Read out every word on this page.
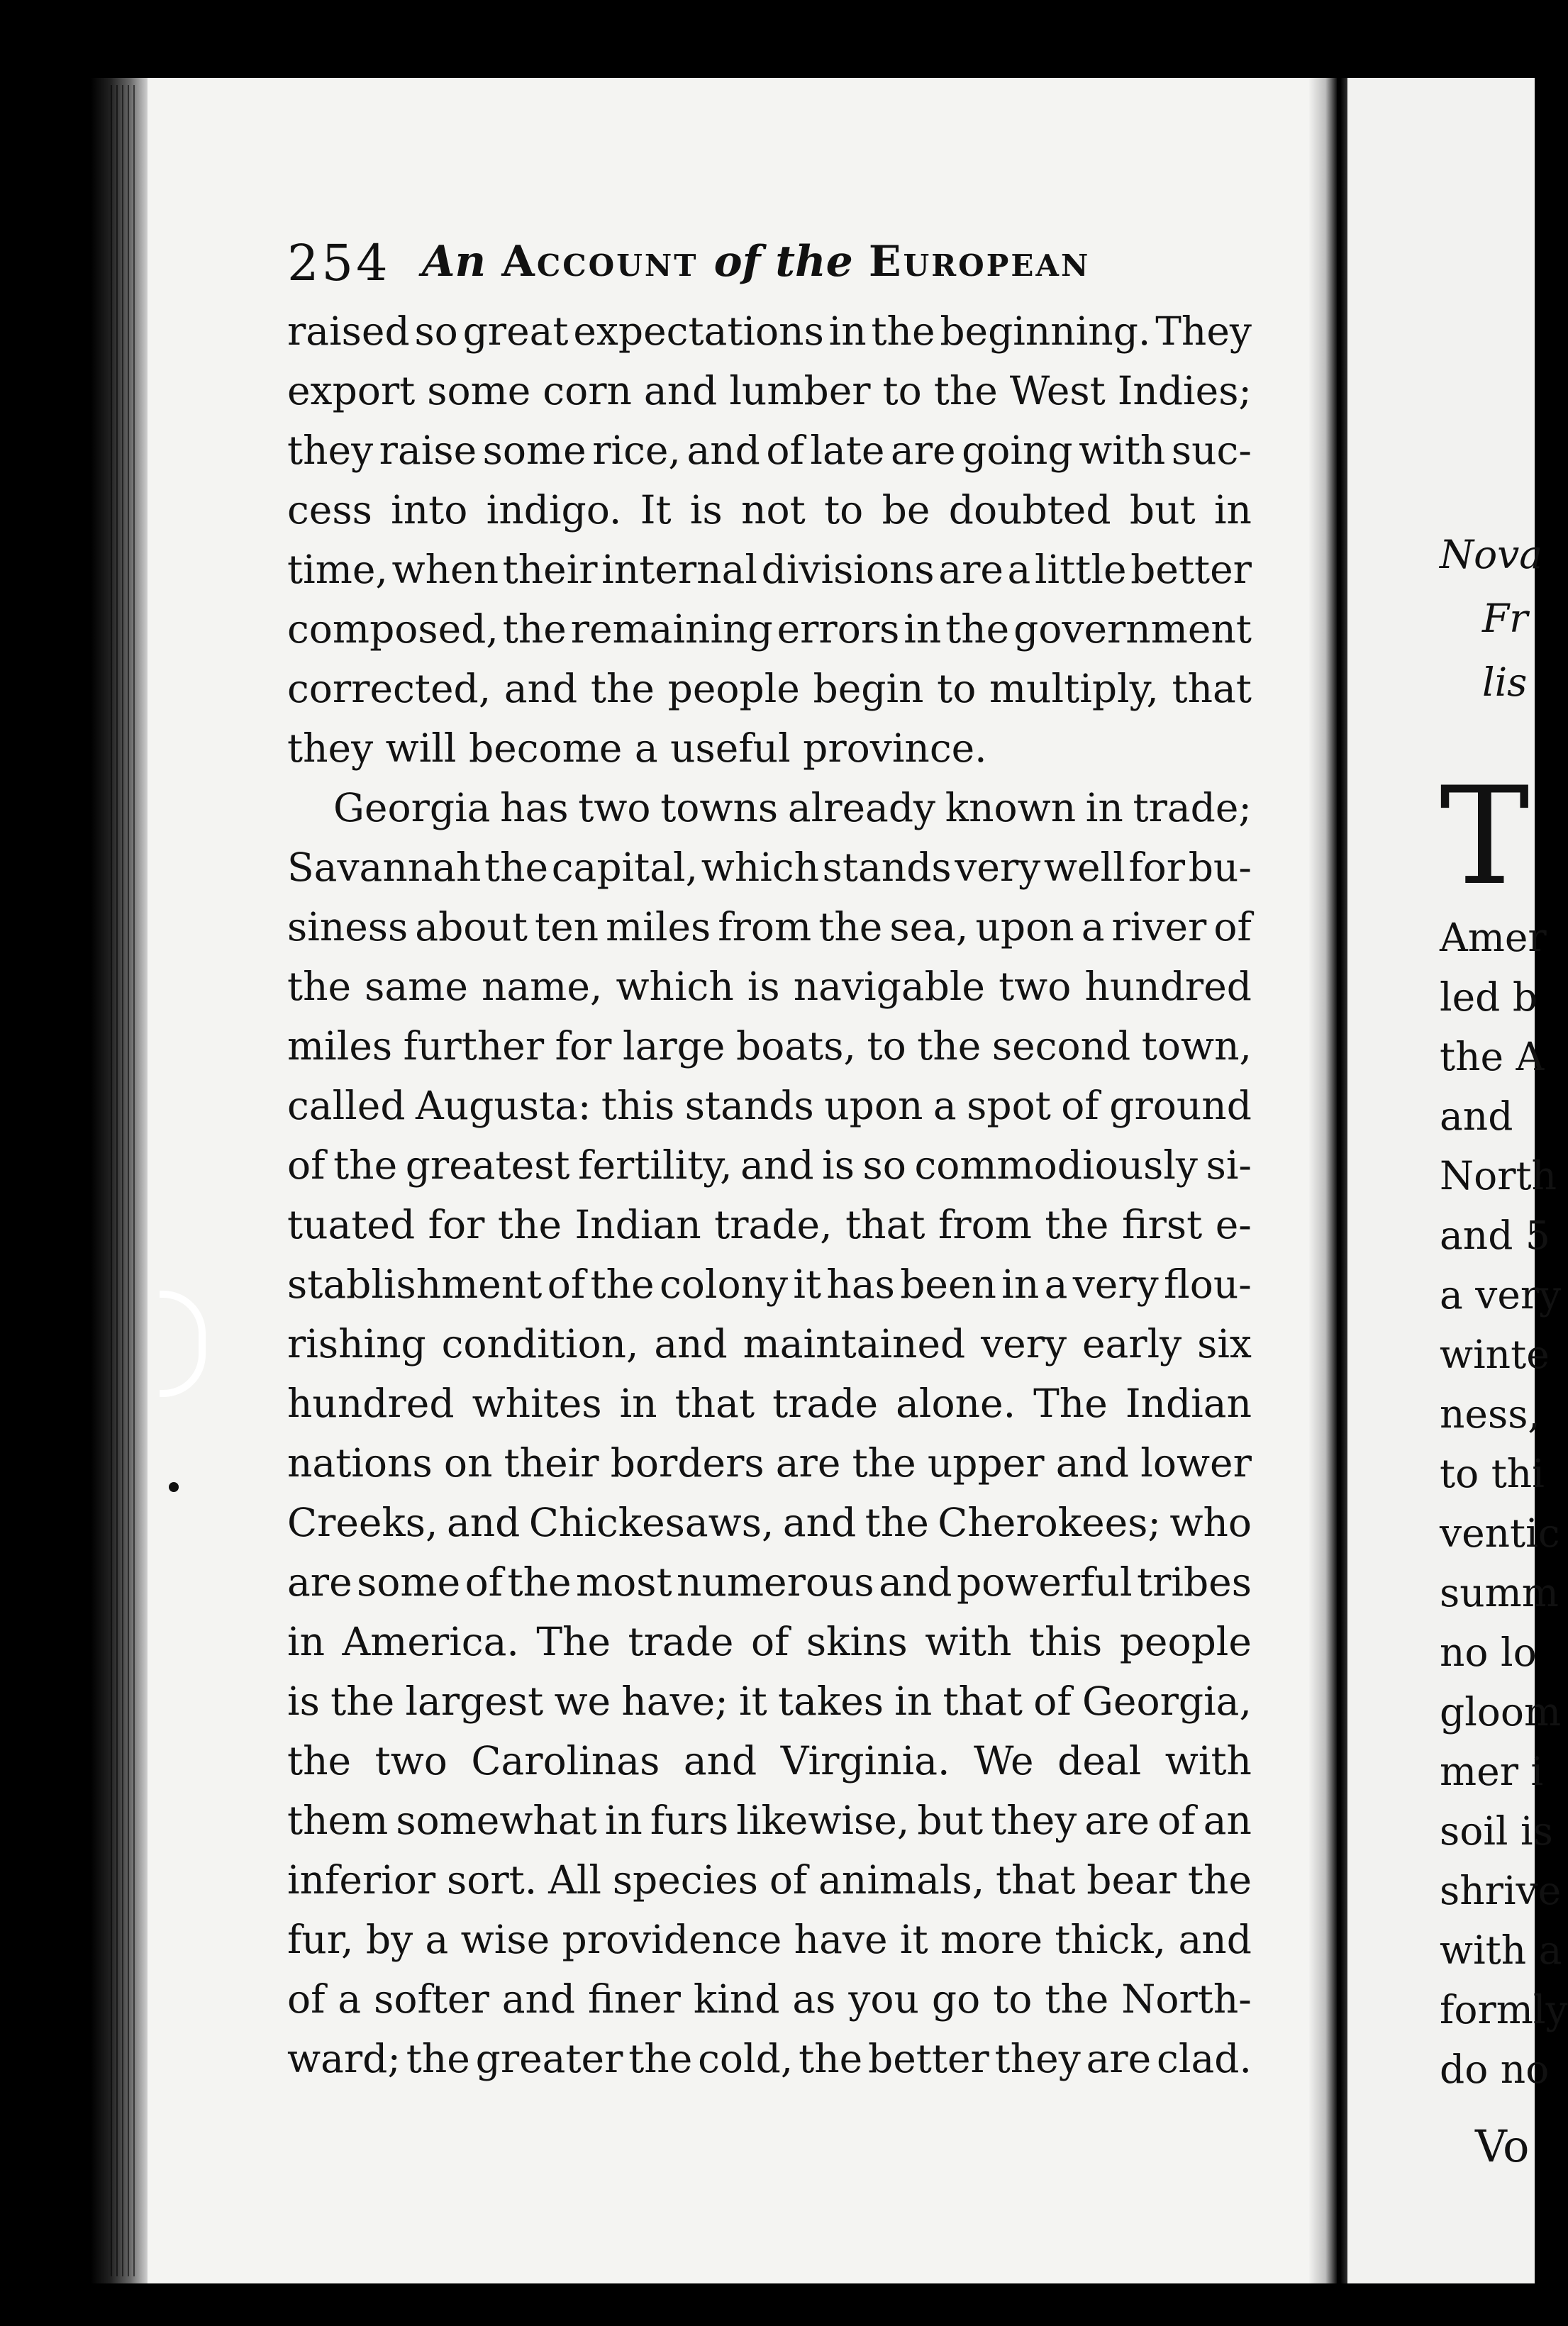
254 An Account of the European
raised so great expectations in the beginning. They
export some corn and lumber to the West Indies;
they raise some rice, and of late are going with suc-
cess into indigo. It is not to be doubted but in
time, when their internal divisions are a little better
composed, the remaining errors in the government
corrected, and the people begin to multiply, that
they will become a useful province.
Georgia has two towns already known in trade;
Savannah the capital, which stands very well for bu-
siness about ten miles from the sea, upon a river of
the same name, which is navigable two hundred
miles further for large boats, to the second town,
called Augusta: this stands upon a spot of ground
of the greatest fertility, and is so commodiously si-
tuated for the Indian trade, that from the first e-
stablishment of the colony it has been in a very flou-
rishing condition, and maintained very early six
hundred whites in that trade alone. The Indian
nations on their borders are the upper and lower
Creeks, and Chickesaws, and the Cherokees; who
are some of the most numerous and powerful tribes
in America. The trade of skins with this people
is the largest we have; it takes in that of Georgia,
the two Carolinas and Virginia. We deal with
them somewhat in furs likewise, but they are of an
inferior sort. All species of animals, that bear the
fur, by a wise providence have it more thick, and
of a softer and finer kind as you go to the North-
ward; the greater the cold, the better they are clad.
Nova
Fr
lis
T
Amer
led b
the A
and
North
and 5
a very
winte
ness,
to thi
ventic
summ
no lo
gloom
mer i
soil is
shrive
with a
formly
do no
Vo
